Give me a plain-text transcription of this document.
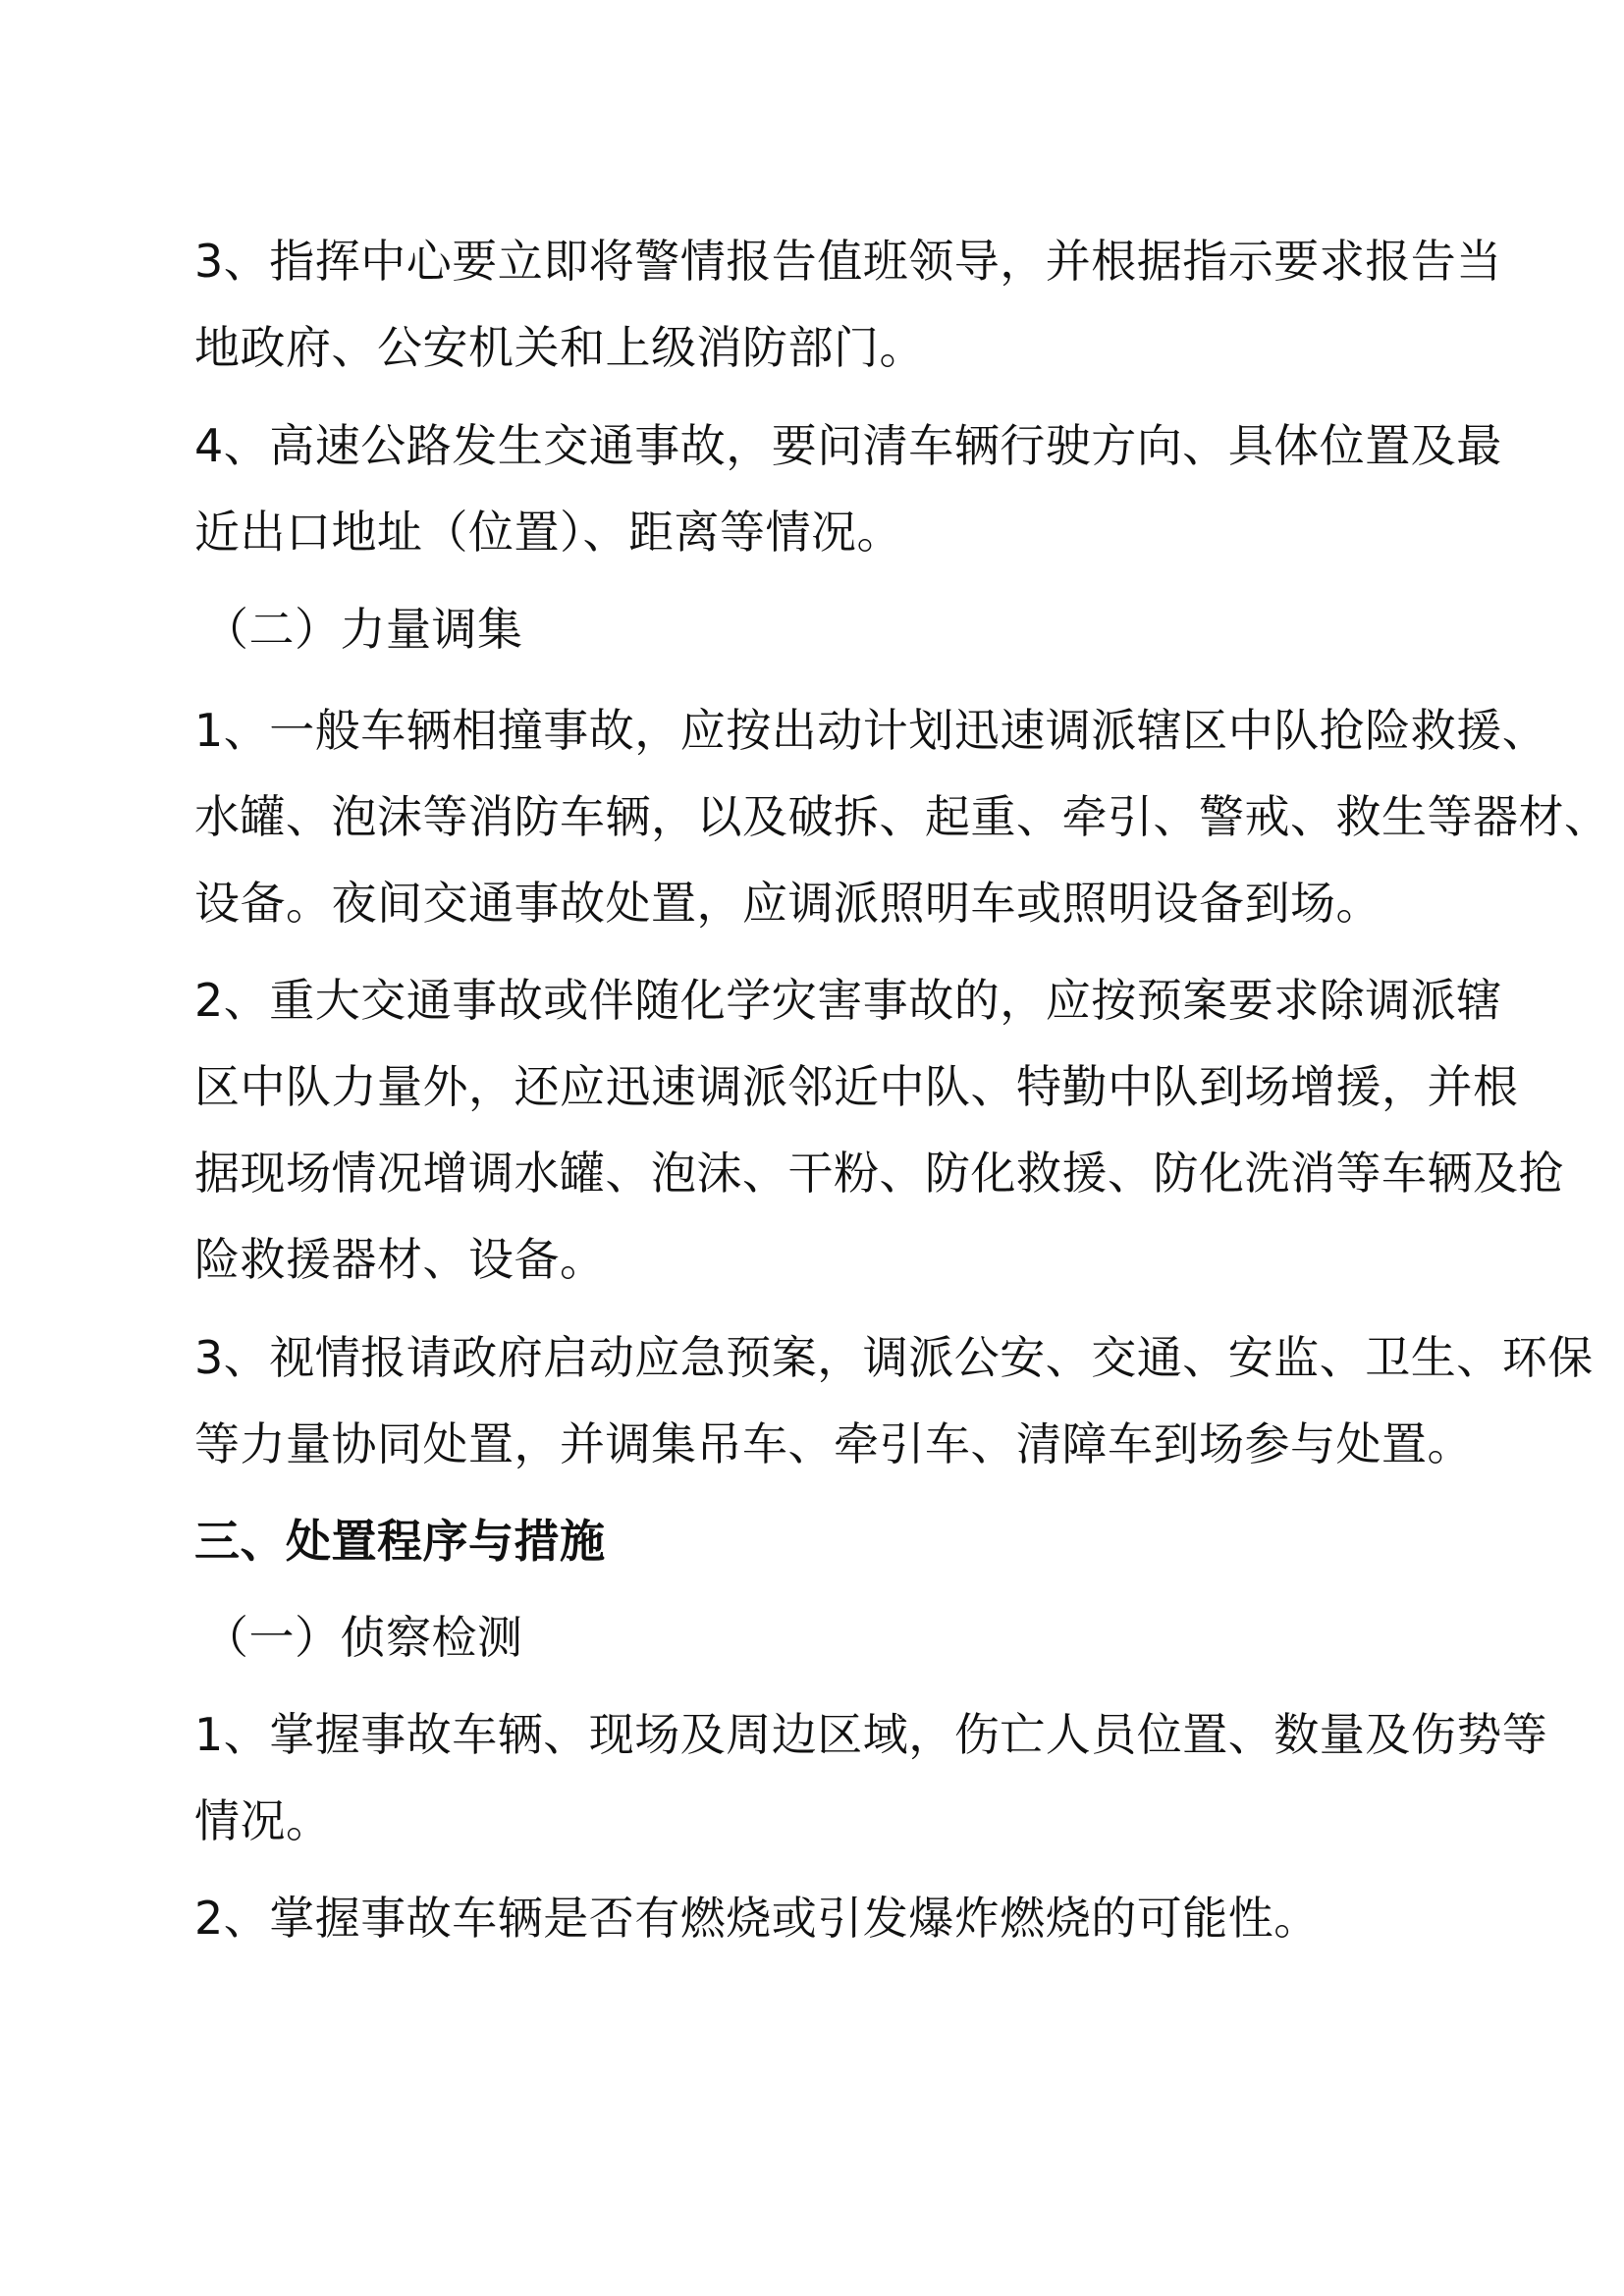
3、指挥中心要立即将警情报告值班领导，并根据指示要求报告当
地政府、公安机关和上级消防部门。

4、高速公路发生交通事故，要问清车辆行驶方向、具体位置及最
近出口地址（位置）、距离等情况。

（二）力量调集

1、一般车辆相撞事故，应按出动计划迅速调派辖区中队抢险救援、
水罐、泡沫等消防车辆，以及破拆、起重、牵引、警戒、救生等器材、
设备。夜间交通事故处置，应调派照明车或照明设备到场。

2、重大交通事故或伴随化学灾害事故的，应按预案要求除调派辖
区中队力量外，还应迅速调派邻近中队、特勤中队到场增援，并根
据现场情况增调水罐、泡沫、干粉、防化救援、防化洗消等车辆及抢
险救援器材、设备。

3、视情报请政府启动应急预案，调派公安、交通、安监、卫生、环保
等力量协同处置，并调集吊车、牵引车、清障车到场参与处置。

三、处置程序与措施

（一）侦察检测

1、掌握事故车辆、现场及周边区域，伤亡人员位置、数量及伤势等
情况。

2、掌握事故车辆是否有燃烧或引发爆炸燃烧的可能性。
